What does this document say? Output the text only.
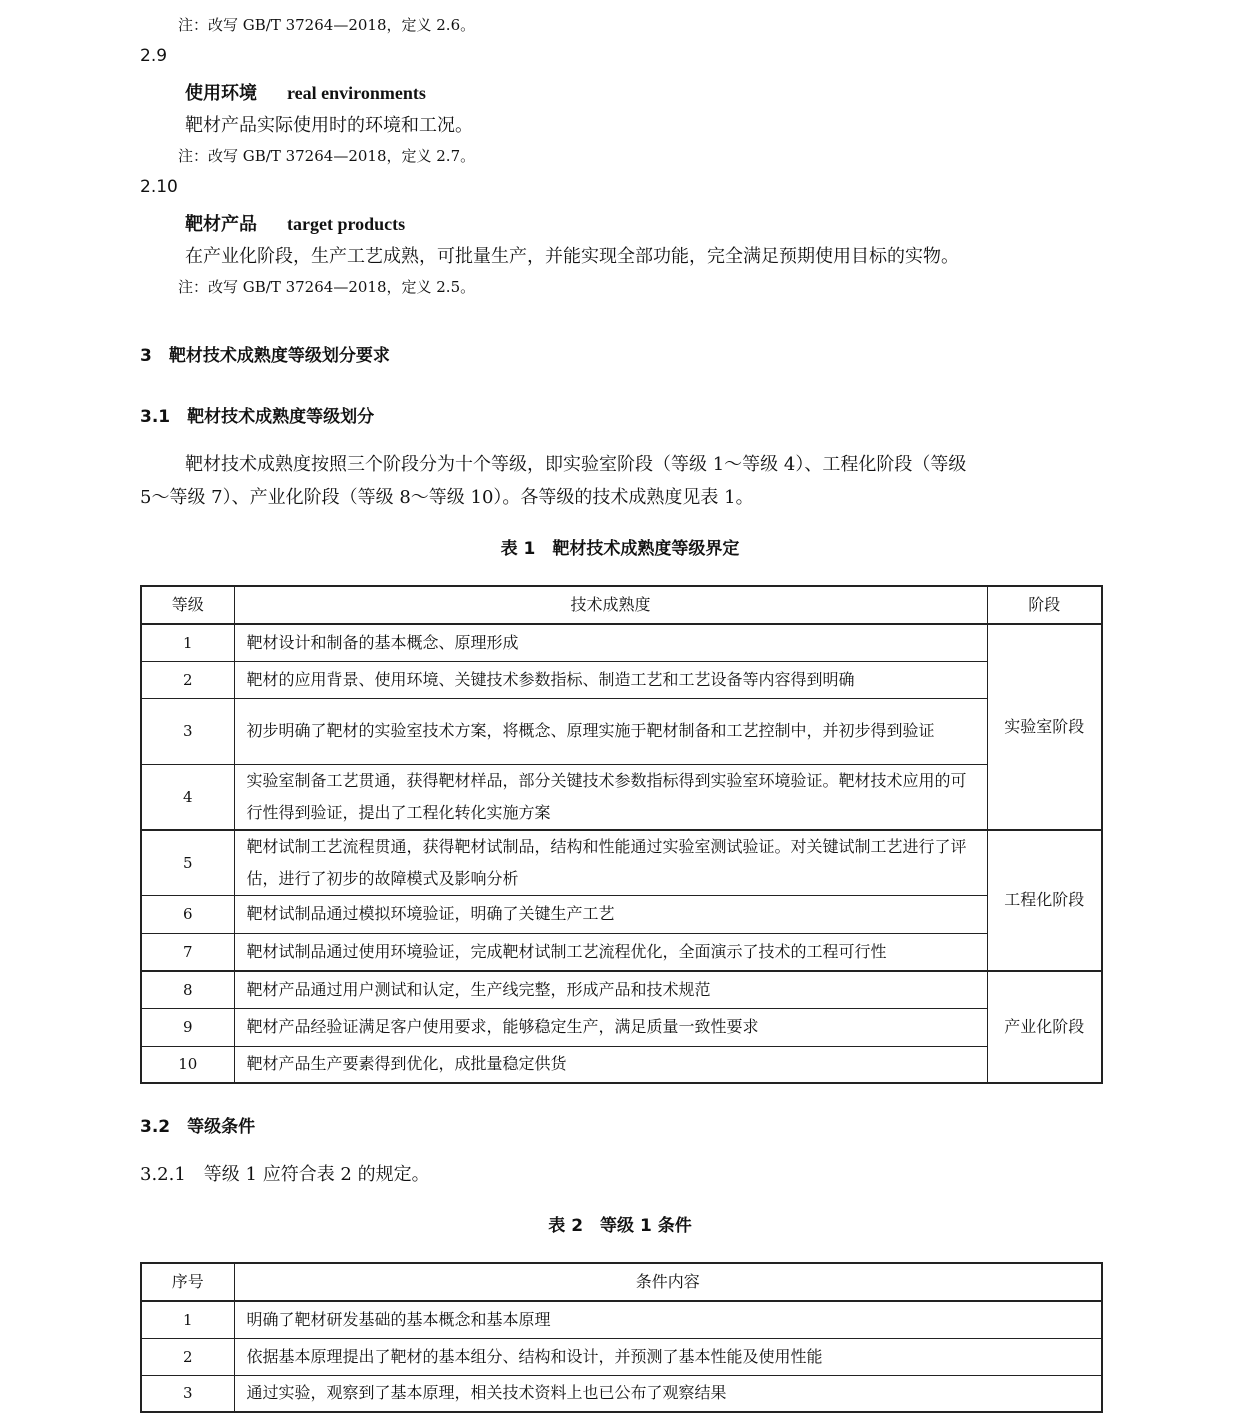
注：改写 GB/T 37264—2018，定义 2.6。
2.9
使用环境 real environments
靶材产品实际使用时的环境和工况。
注：改写 GB/T 37264—2018，定义 2.7。
2.10
靶材产品 target products
在产业化阶段，生产工艺成熟，可批量生产，并能实现全部功能，完全满足预期使用目标的实物。
注：改写 GB/T 37264—2018，定义 2.5。
3　靶材技术成熟度等级划分要求
3.1　靶材技术成熟度等级划分
靶材技术成熟度按照三个阶段分为十个等级，即实验室阶段（等级 1～等级 4）、工程化阶段（等级
5～等级 7）、产业化阶段（等级 8～等级 10）。各等级的技术成熟度见表 1。
表 1　靶材技术成熟度等级界定
等级	技术成熟度	阶段
1	靶材设计和制备的基本概念、原理形成	实验室阶段
2	靶材的应用背景、使用环境、关键技术参数指标、制造工艺和工艺设备等内容得到明确	
3	初步明确了靶材的实验室技术方案，将概念、原理实施于靶材制备和工艺控制中，并初步得到验证	
4	实验室制备工艺贯通，获得靶材样品，部分关键技术参数指标得到实验室环境验证。靶材技术应用的可行性得到验证，提出了工程化转化实施方案	
5	靶材试制工艺流程贯通，获得靶材试制品，结构和性能通过实验室测试验证。对关键试制工艺进行了评估，进行了初步的故障模式及影响分析	工程化阶段
6	靶材试制品通过模拟环境验证，明确了关键生产工艺	
7	靶材试制品通过使用环境验证，完成靶材试制工艺流程优化，全面演示了技术的工程可行性	
8	靶材产品通过用户测试和认定，生产线完整，形成产品和技术规范	产业化阶段
9	靶材产品经验证满足客户使用要求，能够稳定生产，满足质量一致性要求	
10	靶材产品生产要素得到优化，成批量稳定供货	
3.2　等级条件
3.2.1　等级 1 应符合表 2 的规定。
表 2　等级 1 条件
序号	条件内容
1	明确了靶材研发基础的基本概念和基本原理
2	依据基本原理提出了靶材的基本组分、结构和设计，并预测了基本性能及使用性能
3	通过实验，观察到了基本原理，相关技术资料上也已公布了观察结果
